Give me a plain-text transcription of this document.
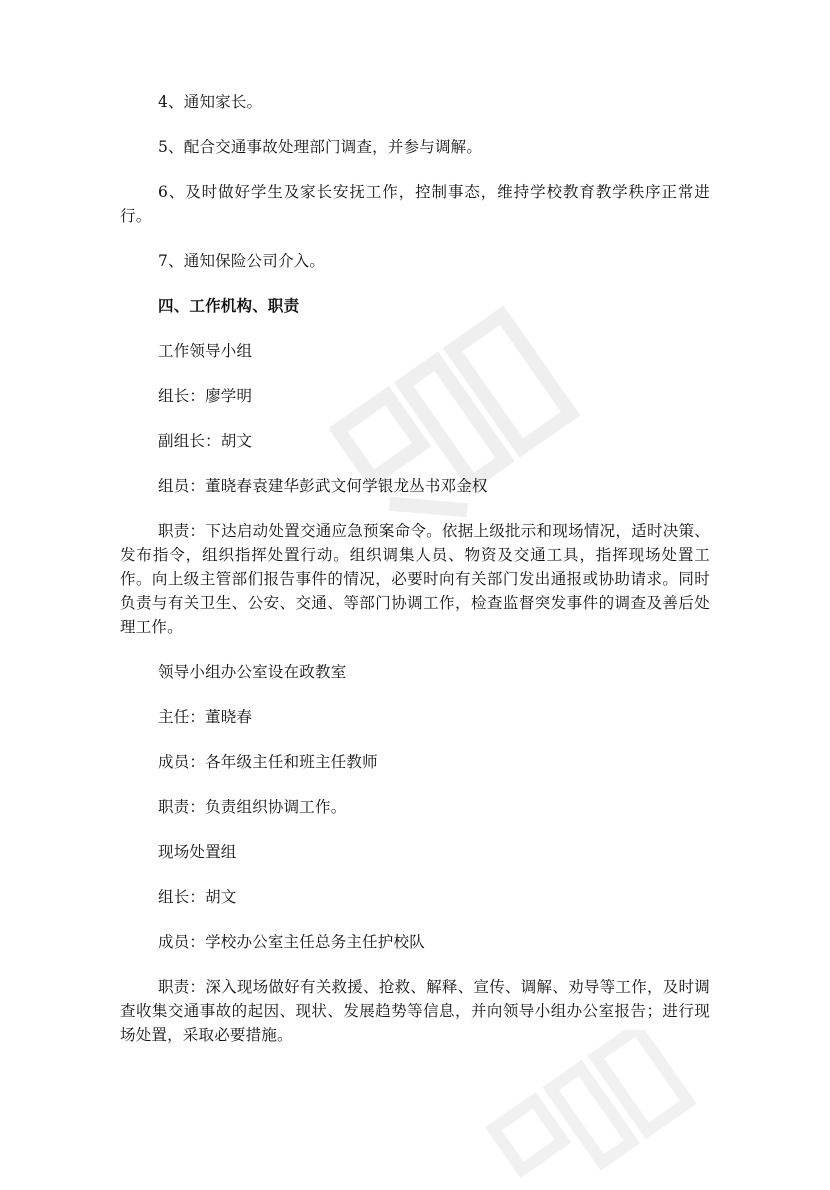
4、通知家长。

5、配合交通事故处理部门调查，并参与调解。

6、及时做好学生及家长安抚工作，控制事态，维持学校教育教学秩序正常进行。

7、通知保险公司介入。

四、工作机构、职责

工作领导小组

组长：廖学明

副组长：胡文

组员：董晓春袁建华彭武文何学银龙丛书邓金权

职责：下达启动处置交通应急预案命令。依据上级批示和现场情况，适时决策、发布指令，组织指挥处置行动。组织调集人员、物资及交通工具，指挥现场处置工作。向上级主管部们报告事件的情况，必要时向有关部门发出通报或协助请求。同时负责与有关卫生、公安、交通、等部门协调工作，检查监督突发事件的调查及善后处理工作。

领导小组办公室设在政教室

主任：董晓春

成员：各年级主任和班主任教师

职责：负责组织协调工作。

现场处置组

组长：胡文

成员：学校办公室主任总务主任护校队

职责：深入现场做好有关救援、抢救、解释、宣传、调解、劝导等工作，及时调查收集交通事故的起因、现状、发展趋势等信息，并向领导小组办公室报告；进行现场处置，采取必要措施。
